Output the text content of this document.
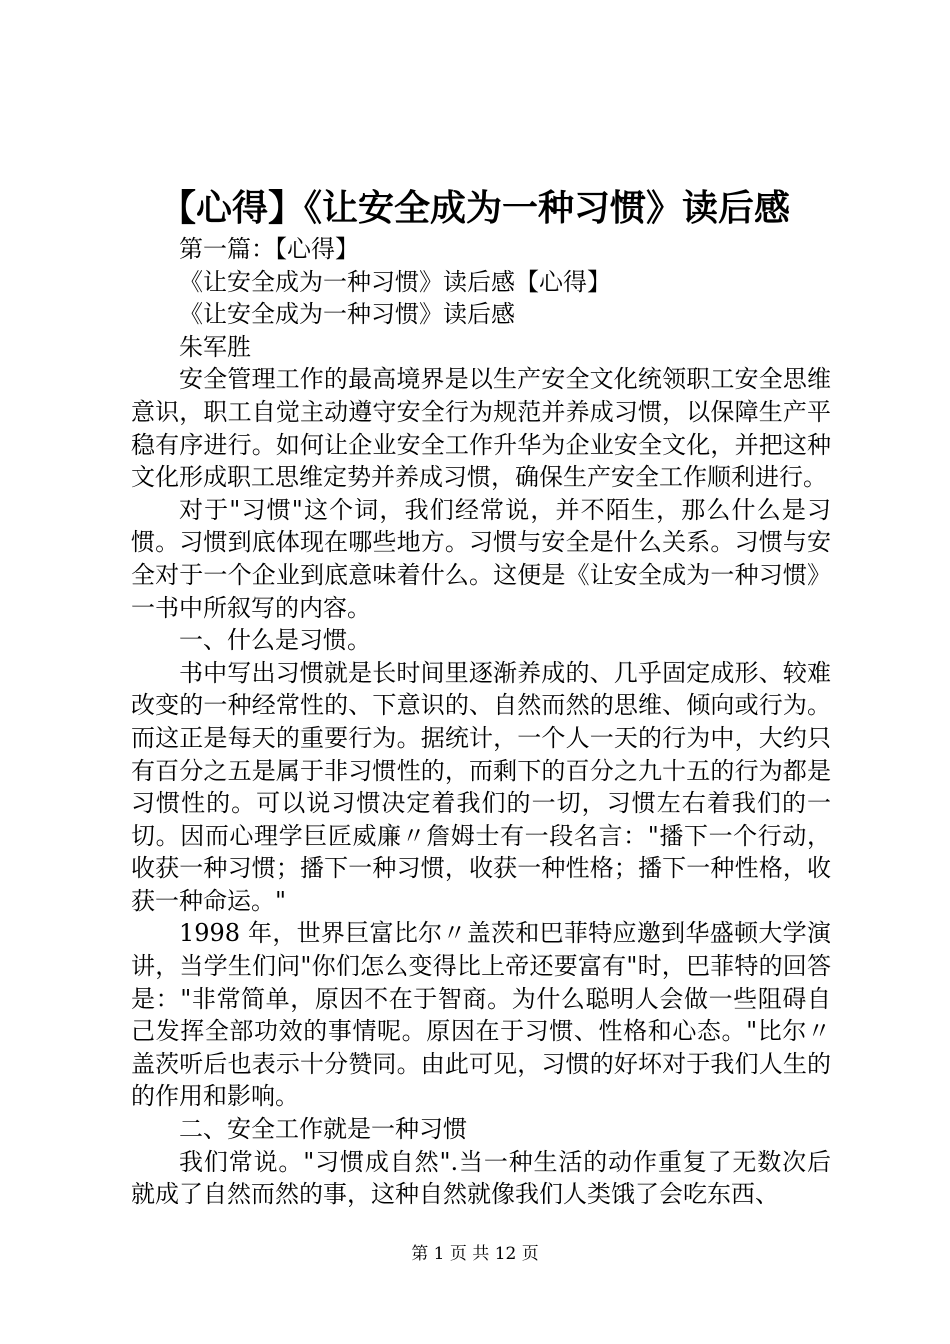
【心得】《让安全成为一种习惯》读后感

第一篇：【心得】

《让安全成为一种习惯》读后感【心得】

《让安全成为一种习惯》读后感

朱军胜

安全管理工作的最高境界是以生产安全文化统领职工安全思维意识，职工自觉主动遵守安全行为规范并养成习惯，以保障生产平稳有序进行。如何让企业安全工作升华为企业安全文化，并把这种文化形成职工思维定势并养成习惯，确保生产安全工作顺利进行。

对于"习惯"这个词，我们经常说，并不陌生，那么什么是习惯。习惯到底体现在哪些地方。习惯与安全是什么关系。习惯与安全对于一个企业到底意味着什么。这便是《让安全成为一种习惯》一书中所叙写的内容。

一、什么是习惯。

书中写出习惯就是长时间里逐渐养成的、几乎固定成形、较难改变的一种经常性的、下意识的、自然而然的思维、倾向或行为。而这正是每天的重要行为。据统计，一个人一天的行为中，大约只有百分之五是属于非习惯性的，而剩下的百分之九十五的行为都是习惯性的。可以说习惯决定着我们的一切，习惯左右着我们的一切。因而心理学巨匠威廉〃詹姆士有一段名言："播下一个行动，收获一种习惯；播下一种习惯，收获一种性格；播下一种性格，收获一种命运。"

1998 年，世界巨富比尔〃盖茨和巴菲特应邀到华盛顿大学演讲，当学生们问"你们怎么变得比上帝还要富有"时，巴菲特的回答是："非常简单，原因不在于智商。为什么聪明人会做一些阻碍自己发挥全部功效的事情呢。原因在于习惯、性格和心态。"比尔〃盖茨听后也表示十分赞同。由此可见，习惯的好坏对于我们人生的的作用和影响。

二、安全工作就是一种习惯

我们常说。"习惯成自然".当一种生活的动作重复了无数次后就成了自然而然的事，这种自然就像我们人类饿了会吃东西、

第 1 页 共 12 页
